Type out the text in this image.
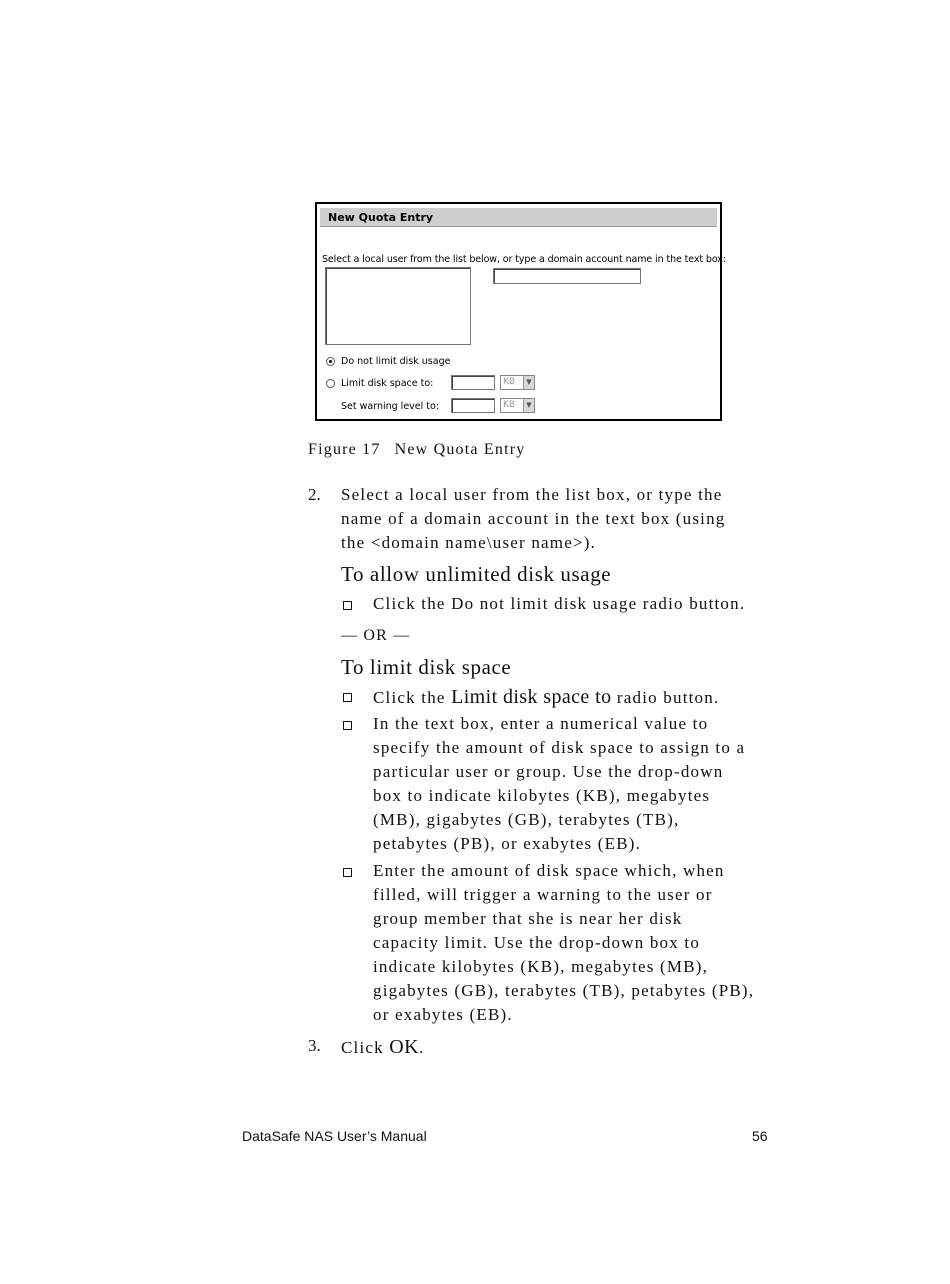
New Quota Entry
Select a local user from the list below, or type a domain account name in the text box:
Do not limit disk usage
Limit disk space to:	KB	▼
Set warning level to:	KB	▼
Figure 17 New Quota Entry
2. Select a local user from the list box, or type the
name of a domain account in the text box (using
the <domain name\user name>).
To allow unlimited disk usage
Click the Do not limit disk usage radio button.
— OR —
To limit disk space
Click the Limit disk space to radio button.
In the text box, enter a numerical value to
specify the amount of disk space to assign to a
particular user or group. Use the drop-down
box to indicate kilobytes (KB), megabytes
(MB), gigabytes (GB), terabytes (TB),
petabytes (PB), or exabytes (EB).
Enter the amount of disk space which, when
filled, will trigger a warning to the user or
group member that she is near her disk
capacity limit. Use the drop-down box to
indicate kilobytes (KB), megabytes (MB),
gigabytes (GB), terabytes (TB), petabytes (PB),
or exabytes (EB).
3. Click OK.
DataSafe NAS User’s Manual	56
